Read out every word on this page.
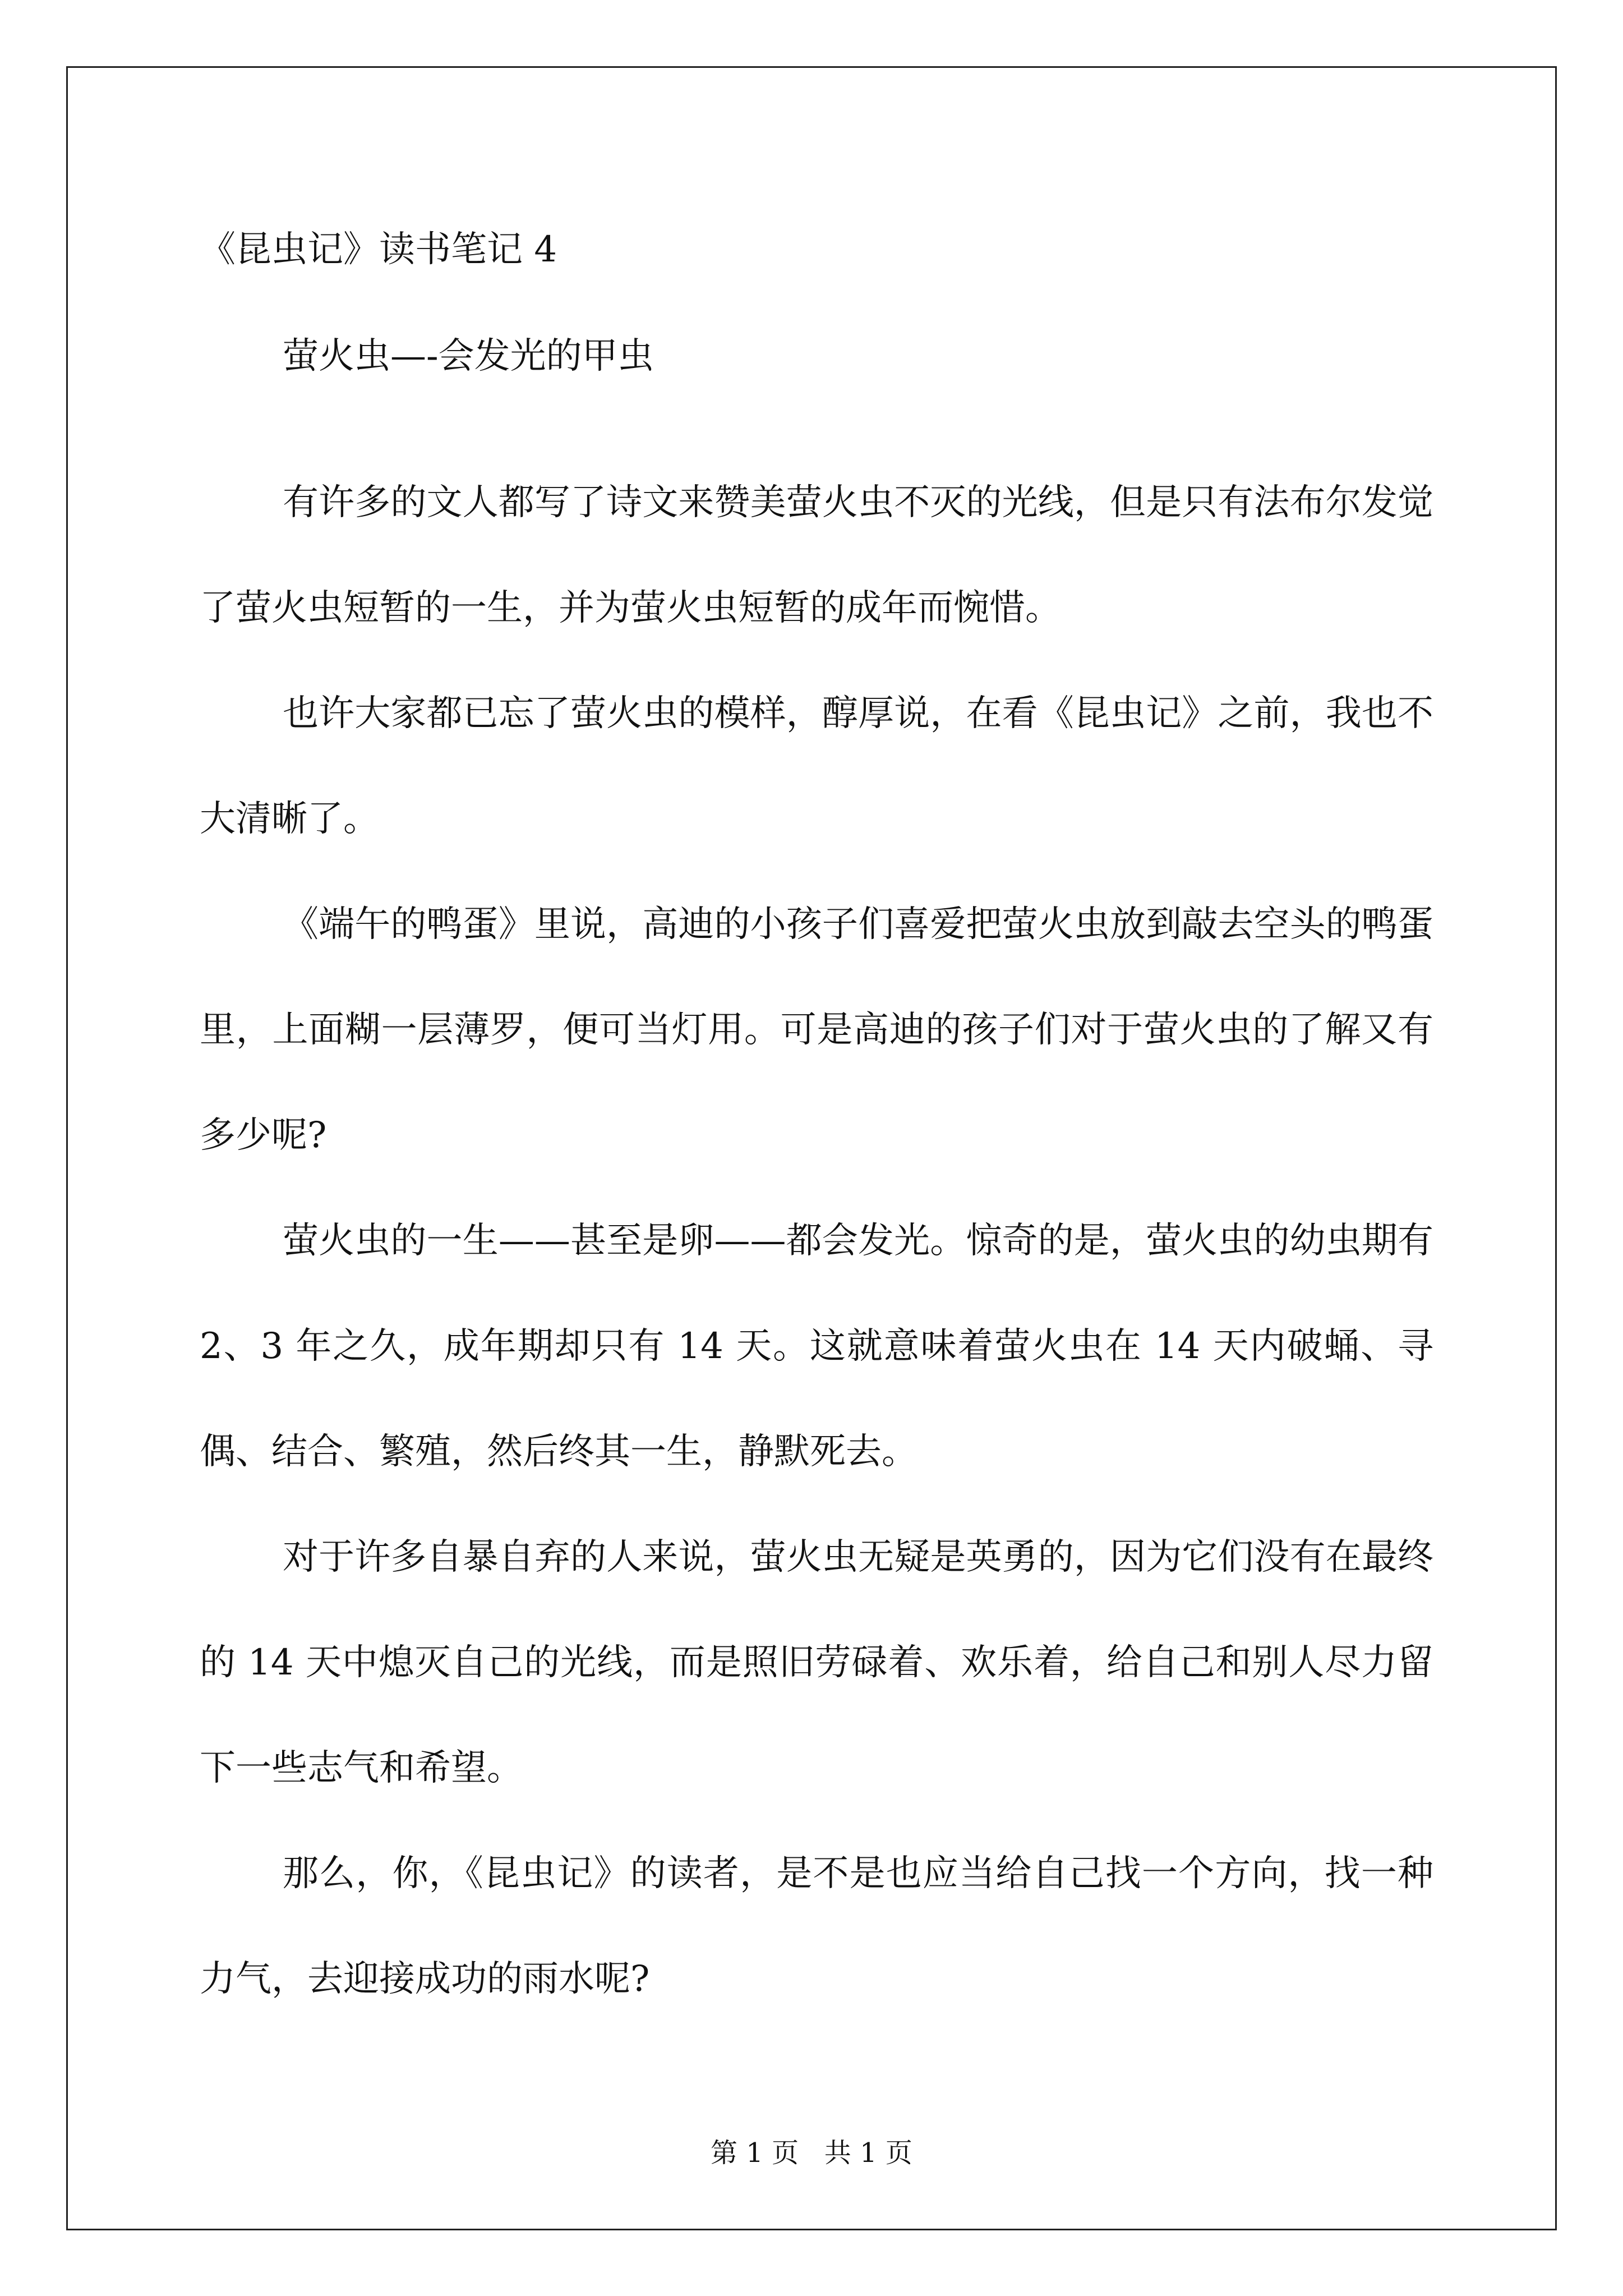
《昆虫记》读书笔记 4
萤火虫—-会发光的甲虫

有许多的文人都写了诗文来赞美萤火虫不灭的光线，但是只有法布尔发觉了萤火虫短暂的一生，并为萤火虫短暂的成年而惋惜。

也许大家都已忘了萤火虫的模样，醇厚说，在看《昆虫记》之前，我也不大清晰了。

《端午的鸭蛋》里说，高迪的小孩子们喜爱把萤火虫放到敲去空头的鸭蛋里，上面糊一层薄罗，便可当灯用。可是高迪的孩子们对于萤火虫的了解又有多少呢?

萤火虫的一生——甚至是卵——都会发光。惊奇的是，萤火虫的幼虫期有 2、3 年之久，成年期却只有 14 天。这就意味着萤火虫在 14 天内破蛹、寻偶、结合、繁殖，然后终其一生，静默死去。

对于许多自暴自弃的人来说，萤火虫无疑是英勇的，因为它们没有在最终的 14 天中熄灭自己的光线，而是照旧劳碌着、欢乐着，给自己和别人尽力留下一些志气和希望。

那么，你，《昆虫记》的读者，是不是也应当给自己找一个方向，找一种力气，去迎接成功的雨水呢?

第 1 页   共 1 页
